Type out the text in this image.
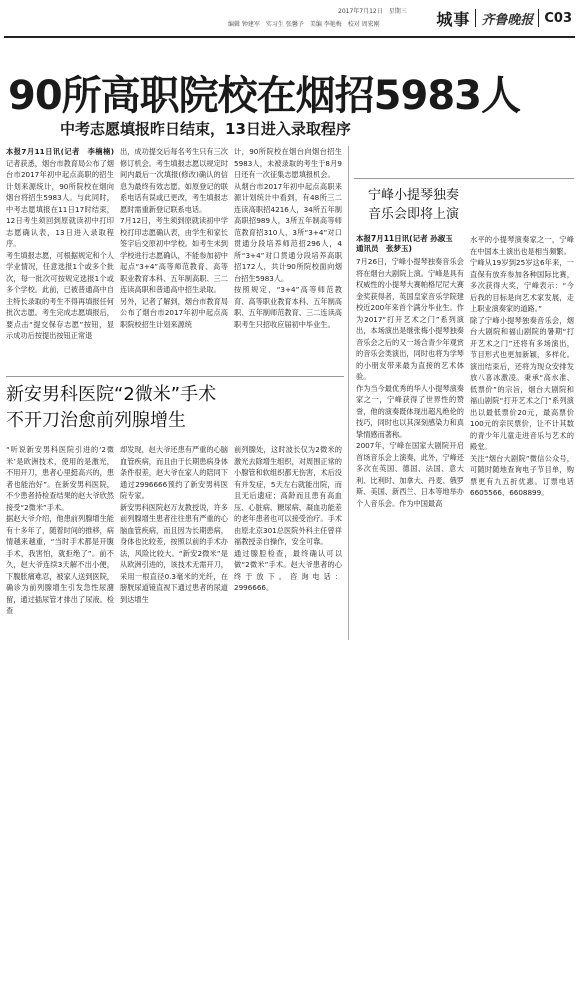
2017年7月12日　星期三
编辑 钟建军　实习生 张馨予　美编 李艳梅　校对 周宏刚	城事 齐鲁晚报 C03
90所高职院校在烟招5983人
中考志愿填报昨日结束，13日进入录取程序
本报7月11日讯(记者　李楠楠) 记者获悉，烟台市教育局公布了烟台市2017年初中起点高职的招生计划来源统计，90所院校在烟向烟台将招生5983人。与此同时，中考志愿填报在11日17时结束，12日考生须回到原就读初中打印志愿确认表，13日进入录取程序。
考生填报志愿，可根据规定和个人学业情况，任意选报1个或多个批次，每一批次可按规定选报1个或多个学校。此前，已被普通高中自主特长录取的考生不得再填报任何批次志愿。考生完成志愿填报后，要点击“提交保存志愿”按钮，显示成功后按提出按钮正常退
出，成功提交后每名考生只有三次修订机会。考生填报志愿以规定时间内最后一次填报(修改)确认的信息为最终有效志愿。如原登记的联系电话有误或已更改，考生填报志愿时需重新登记联系电话。
7月12日，考生须到原就读初中学校打印志愿确认表，由学生和家长签字后交原初中学校。如考生未到学校进行志愿确认，不能参加初中起点“3+4”高等师范教育、高等职业教育本科、五年制高职、三二连读高职和普通高中招生录取。
另外，记者了解到，烟台市教育局公布了烟台市2017年初中起点高职院校招生计划来源统
计，90所院校在烟台向烟台招生5983人，未被录取的考生于8月9日还有一次征集志愿填报机会。
从烟台市2017年初中起点高职来源计划统计中看到，有48所三二连读高职招4216人，34所五年制高职招989人，3所五年制高等师范教育招310人，3所“3+4”对口贯通分段培养师范招296人，4所“3+4”对口贯通分段培养高职招172人，共计90所院校面向烟台招生5983人。
按照规定，“3+4”高等师范教育、高等职业教育本科、五年制高职、五年制师范教育、三二连读高职考生只招收应届初中毕业生。
新安男科医院“2微米”手术
不开刀治愈前列腺增生
“听说新安男科医院引进的‘2微米’是欧洲技术，使用的是激光，不用开刀，患者心里挺高兴的，患者也能治好”。在新安男科医院，不少患者持检查结果的赵大爷欣然接受“2微米”手术。
据赵大爷介绍，他患前列腺增生能有十多年了，随着时间的推移，病情越来越重，“当时手术都是开腹手术，我害怕，就拒绝了”。前不久，赵大爷连续3天解不出小便，下腹胀痛难忍，被家人送到医院，确诊为前列腺增生引发急性尿潴留，通过插尿管才排出了尿液。检查
却发现，赵大爷还患有严重的心脑血管疾病，而且由于长期患病身体条件很差，赵大爷在家人的陪同下通过2996666预约了新安男科医院专家。
新安男科医院赵万友教授说，许多前列腺增生患者往往患有严重的心脑血管疾病，而且因为长期患病，身体也比较差，按照以前的手术办法，风险比较大。“新安2微米”是从欧洲引进的，该技术无需开刀，采用一根直径0.3毫米的光纤，在膀胱尿道镜直视下通过患者的尿道到达增生
前列腺处，这时波长仅为2微米的激光去除增生组织，对周围正常的小腺管和软组织都无伤害，术后没有并发症，5天左右就能出院，而且无后遗症；高龄而且患有高血压、心脏病、糖尿病、凝血功能差的老年患者也可以接受治疗。手术由原北京301总医院外科主任曾祥福教授亲自操作，安全可靠。
通过腺腔检查，最终确认可以做“2微米”手术。赵大爷患者的心终于放下。咨询电话：2996666。
宁峰小提琴独奏
音乐会即将上演
本报7月11日讯(记者 孙淑玉　通讯员　张梦玉)
7月26日，宁峰小提琴独奏音乐会将在烟台大剧院上演。宁峰是具有权威性的小提琴大赛帕格尼尼大赛金奖获得者，英国皇家音乐学院建校近200年来首个满分毕业生。作为2017“打开艺术之门”系列演出，本场演出是继张梅小提琴独奏音乐会之后的又一场合青少年观赏的音乐会类演出，同时也将为学琴的小朋友带来最为直接的艺术体验。
作为当今最优秀的华人小提琴演奏家之一，宁峰获得了世界性的赞誉，他的演奏既体现出超凡绝伦的技巧，同时也以其深刻感染力和真挚情感而著称。
2007年，宁峰在国家大剧院开启首场音乐会上演奏，此外，宁峰还多次在英国、德国、法国、意大利、比利时、加拿大、丹麦、俄罗斯、美国、新西兰、日本等地举办个人音乐会。作为中国最高
水平的小提琴演奏家之一，宁峰在中国本土演出也是相当频繁。
宁峰从19岁到25岁这6年来，一直保有放弃参加各种国际比赛，多次获得大奖，宁峰表示：“今后我的目标是向艺术家发展，走上职业演奏家的道路。”
除了宁峰小提琴独奏音乐会，烟台大剧院和福山剧院的暑期“打开艺术之门”还将有多场演出，节目形式也更加新颖，多样化。演出结束后，还将为现众安排发放八喜冰激凌。秉承“高水准、低票价”的宗旨，烟台大剧院和福山剧院“打开艺术之门”系列演出以最低票价20元，最高票价100元的亲民票价，让不计其数的青少年儿童走进音乐与艺术的殿堂。
关注“烟台大剧院”微信公众号，可随时随地查询电子节目单，购票更有九五折优惠。订票电话6605566、6608899。
